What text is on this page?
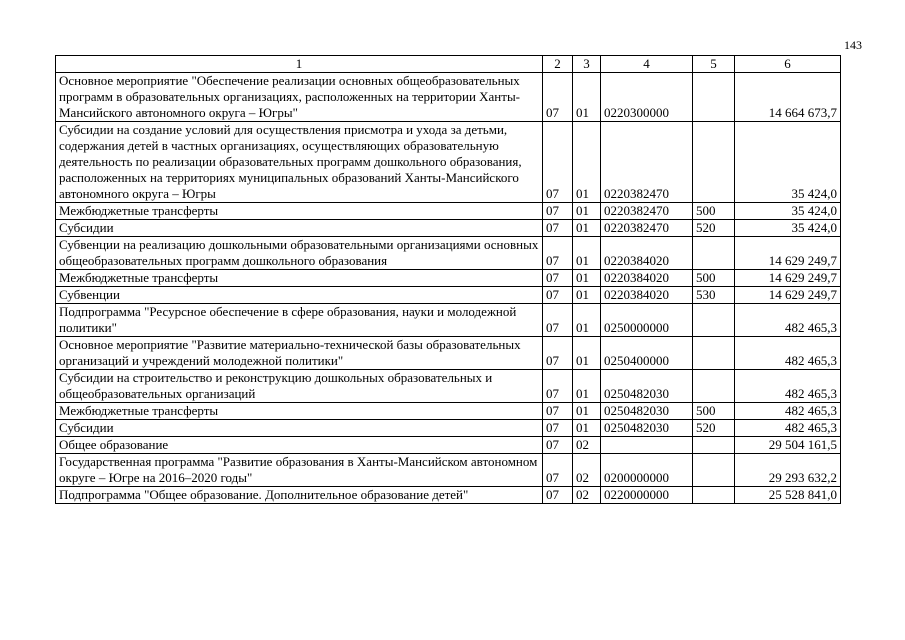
143
1	2	3	4	5	6
Основное мероприятие "Обеспечение реализации основных общеобразовательных программ в образовательных организациях, расположенных на территории Ханты-Мансийского автономного округа – Югры"	07	01	0220300000		14 664 673,7
Субсидии на создание условий для осуществления присмотра и ухода за детьми, содержания детей в частных организациях, осуществляющих образовательную деятельность по реализации образовательных программ дошкольного образования, расположенных на территориях муниципальных образований Ханты-Мансийского автономного округа – Югры	07	01	0220382470		35 424,0
Межбюджетные трансферты	07	01	0220382470	500	35 424,0
Субсидии	07	01	0220382470	520	35 424,0
Субвенции на реализацию дошкольными образовательными организациями основных общеобразовательных программ дошкольного образования	07	01	0220384020		14 629 249,7
Межбюджетные трансферты	07	01	0220384020	500	14 629 249,7
Субвенции	07	01	0220384020	530	14 629 249,7
Подпрограмма "Ресурсное обеспечение в сфере образования, науки и молодежной политики"	07	01	0250000000		482 465,3
Основное мероприятие "Развитие материально-технической базы образовательных организаций и учреждений молодежной политики"	07	01	0250400000		482 465,3
Субсидии на строительство и реконструкцию дошкольных образовательных и общеобразовательных организаций	07	01	0250482030		482 465,3
Межбюджетные трансферты	07	01	0250482030	500	482 465,3
Субсидии	07	01	0250482030	520	482 465,3
Общее образование	07	02			29 504 161,5
Государственная программа "Развитие образования в Ханты-Мансийском автономном округе – Югре на 2016–2020 годы"	07	02	0200000000		29 293 632,2
Подпрограмма "Общее образование. Дополнительное образование детей"	07	02	0220000000		25 528 841,0
